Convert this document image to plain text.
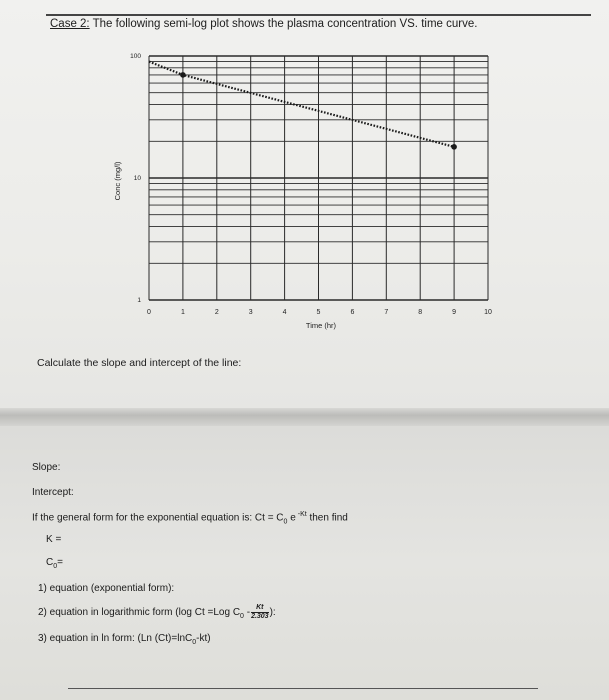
Case 2: The following semi-log plot shows the plasma concentration VS. time curve.
0	1	2	3	4	5	6	7	8	9	10
100
10
1
Time (hr)
Conc (mg/l)
Calculate the slope and intercept of the line:
Slope:
Intercept:
If the general form for the exponential equation is: $Ct = C_0$ e $^{-Kt}$ then find
K =
$C_0=$
1) equation (exponential form):
2) equation in logarithmic form (log Ct =Log $C_0 - \frac{Kt}{2.303}$ ):
3) equation in ln form: (Ln (Ct)=lnC$_0$-kt)
